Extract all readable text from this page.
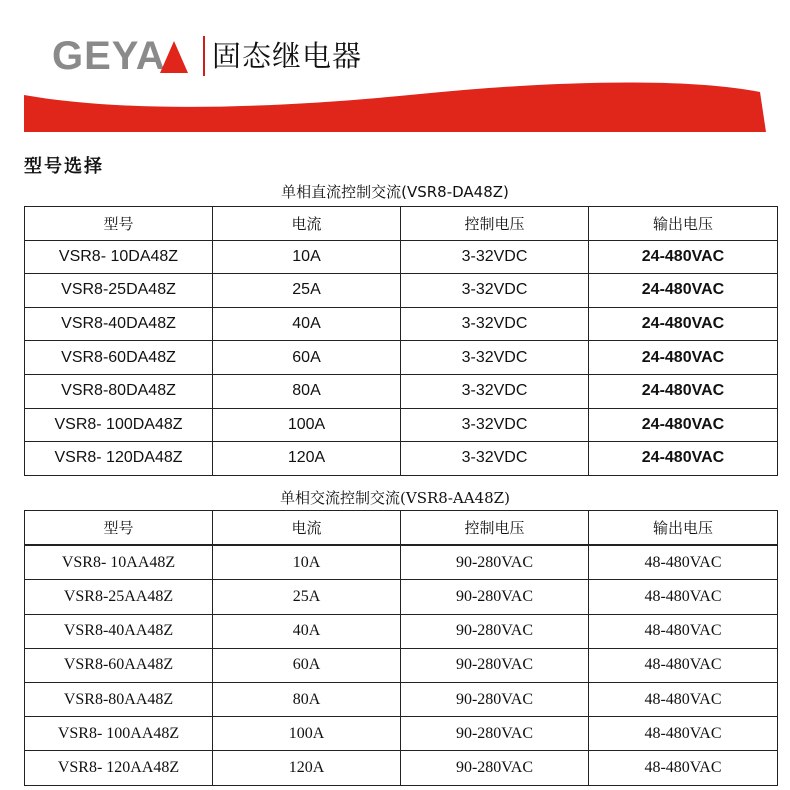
GEYA 固态继电器
型号选择
单相直流控制交流(VSR8-DA48Z)
型号	电流	控制电压	输出电压
VSR8- 10DA48Z	10A	3-32VDC	24-480VAC
VSR8-25DA48Z	25A	3-32VDC	24-480VAC
VSR8-40DA48Z	40A	3-32VDC	24-480VAC
VSR8-60DA48Z	60A	3-32VDC	24-480VAC
VSR8-80DA48Z	80A	3-32VDC	24-480VAC
VSR8- 100DA48Z	100A	3-32VDC	24-480VAC
VSR8- 120DA48Z	120A	3-32VDC	24-480VAC
单相交流控制交流(VSR8-AA48Z)
型号	电流	控制电压	输出电压
VSR8- 10AA48Z	10A	90-280VAC	48-480VAC
VSR8-25AA48Z	25A	90-280VAC	48-480VAC
VSR8-40AA48Z	40A	90-280VAC	48-480VAC
VSR8-60AA48Z	60A	90-280VAC	48-480VAC
VSR8-80AA48Z	80A	90-280VAC	48-480VAC
VSR8- 100AA48Z	100A	90-280VAC	48-480VAC
VSR8- 120AA48Z	120A	90-280VAC	48-480VAC
